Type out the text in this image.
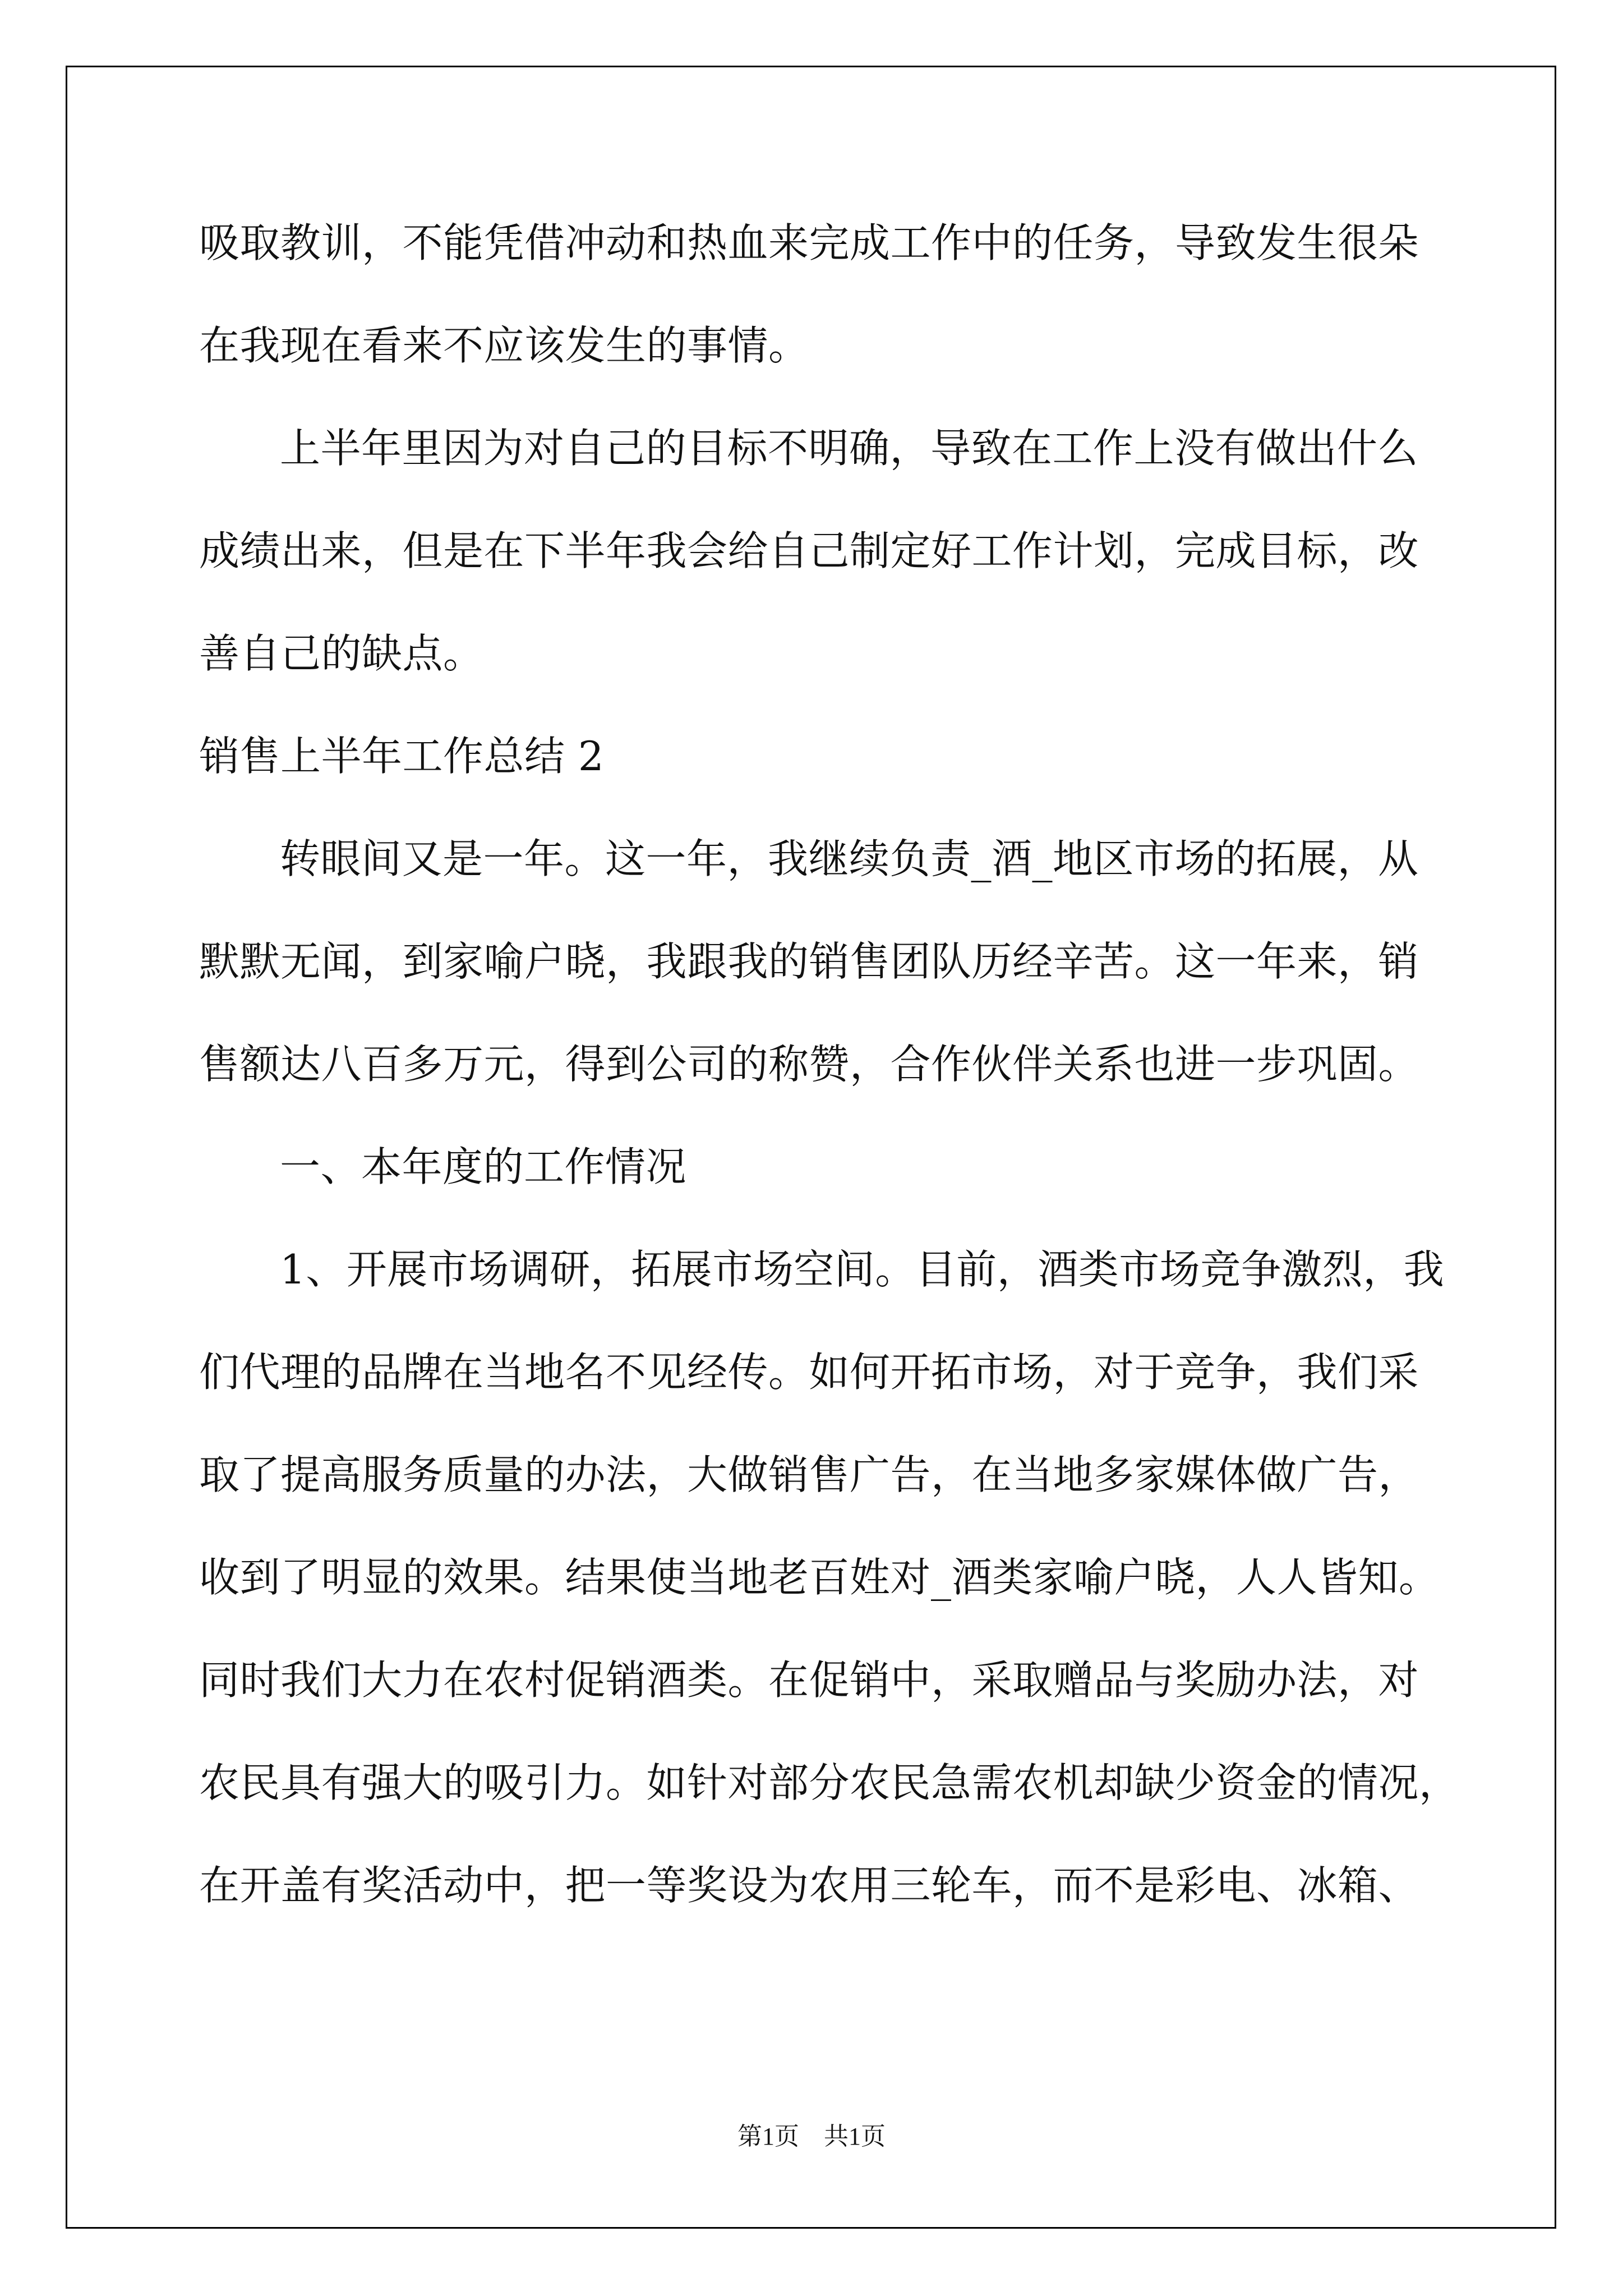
吸取教训，不能凭借冲动和热血来完成工作中的任务，导致发生很朵

在我现在看来不应该发生的事情。

上半年里因为对自己的目标不明确，导致在工作上没有做出什么

成绩出来，但是在下半年我会给自己制定好工作计划，完成目标，改

善自己的缺点。

销售上半年工作总结 2

转眼间又是一年。这一年，我继续负责_酒_地区市场的拓展，从

默默无闻，到家喻户晓，我跟我的销售团队历经辛苦。这一年来，销

售额达八百多万元，得到公司的称赞，合作伙伴关系也进一步巩固。

一、本年度的工作情况

1、开展市场调研，拓展市场空间。目前，酒类市场竞争激烈，我

们代理的品牌在当地名不见经传。如何开拓市场，对于竞争，我们采

取了提高服务质量的办法，大做销售广告，在当地多家媒体做广告，

收到了明显的效果。结果使当地老百姓对_酒类家喻户晓，人人皆知。

同时我们大力在农村促销酒类。在促销中，采取赠品与奖励办法，对

农民具有强大的吸引力。如针对部分农民急需农机却缺少资金的情况，

在开盖有奖活动中，把一等奖设为农用三轮车，而不是彩电、冰箱、

第1页　共1页
